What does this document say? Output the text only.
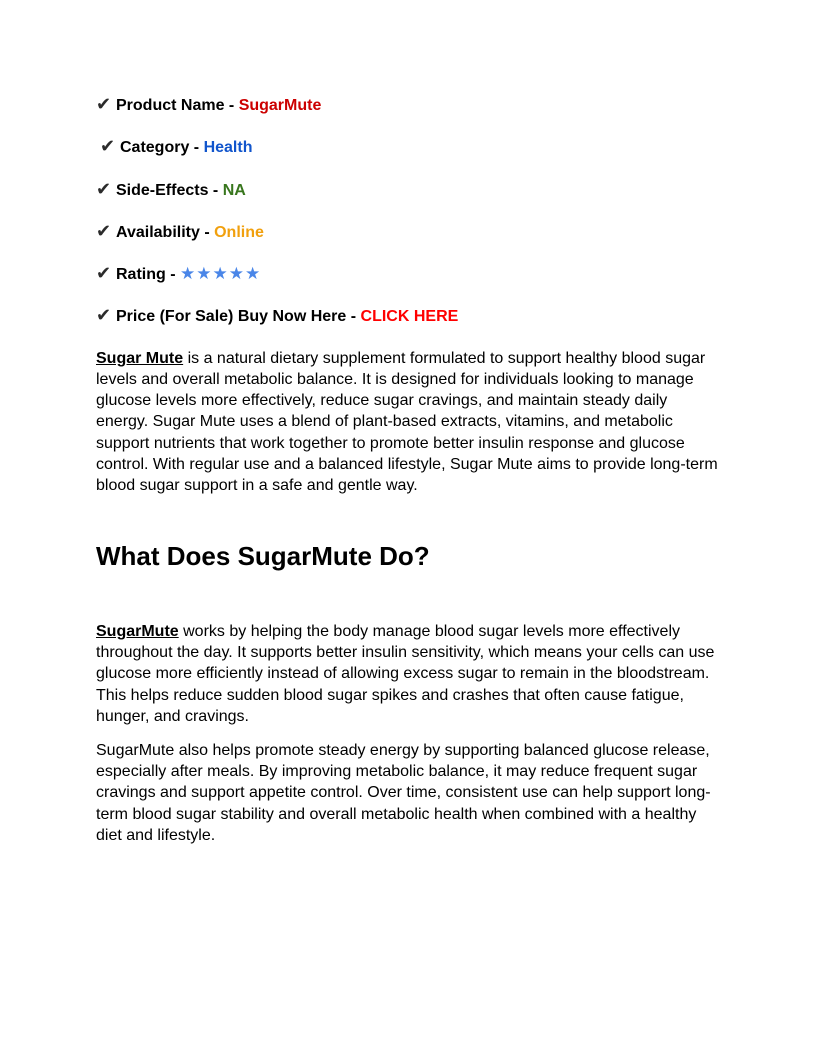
✔ Product Name - SugarMute
✔ Category - Health
✔ Side-Effects - NA
✔ Availability - Online
✔ Rating - ★★★★★
✔ Price (For Sale) Buy Now Here - CLICK HERE

Sugar Mute is a natural dietary supplement formulated to support healthy blood sugar levels and overall metabolic balance. It is designed for individuals looking to manage glucose levels more effectively, reduce sugar cravings, and maintain steady daily energy. Sugar Mute uses a blend of plant-based extracts, vitamins, and metabolic support nutrients that work together to promote better insulin response and glucose control. With regular use and a balanced lifestyle, Sugar Mute aims to provide long-term blood sugar support in a safe and gentle way.

What Does SugarMute Do?

SugarMute works by helping the body manage blood sugar levels more effectively throughout the day. It supports better insulin sensitivity, which means your cells can use glucose more efficiently instead of allowing excess sugar to remain in the bloodstream. This helps reduce sudden blood sugar spikes and crashes that often cause fatigue, hunger, and cravings.

SugarMute also helps promote steady energy by supporting balanced glucose release, especially after meals. By improving metabolic balance, it may reduce frequent sugar cravings and support appetite control. Over time, consistent use can help support long-term blood sugar stability and overall metabolic health when combined with a healthy diet and lifestyle.
